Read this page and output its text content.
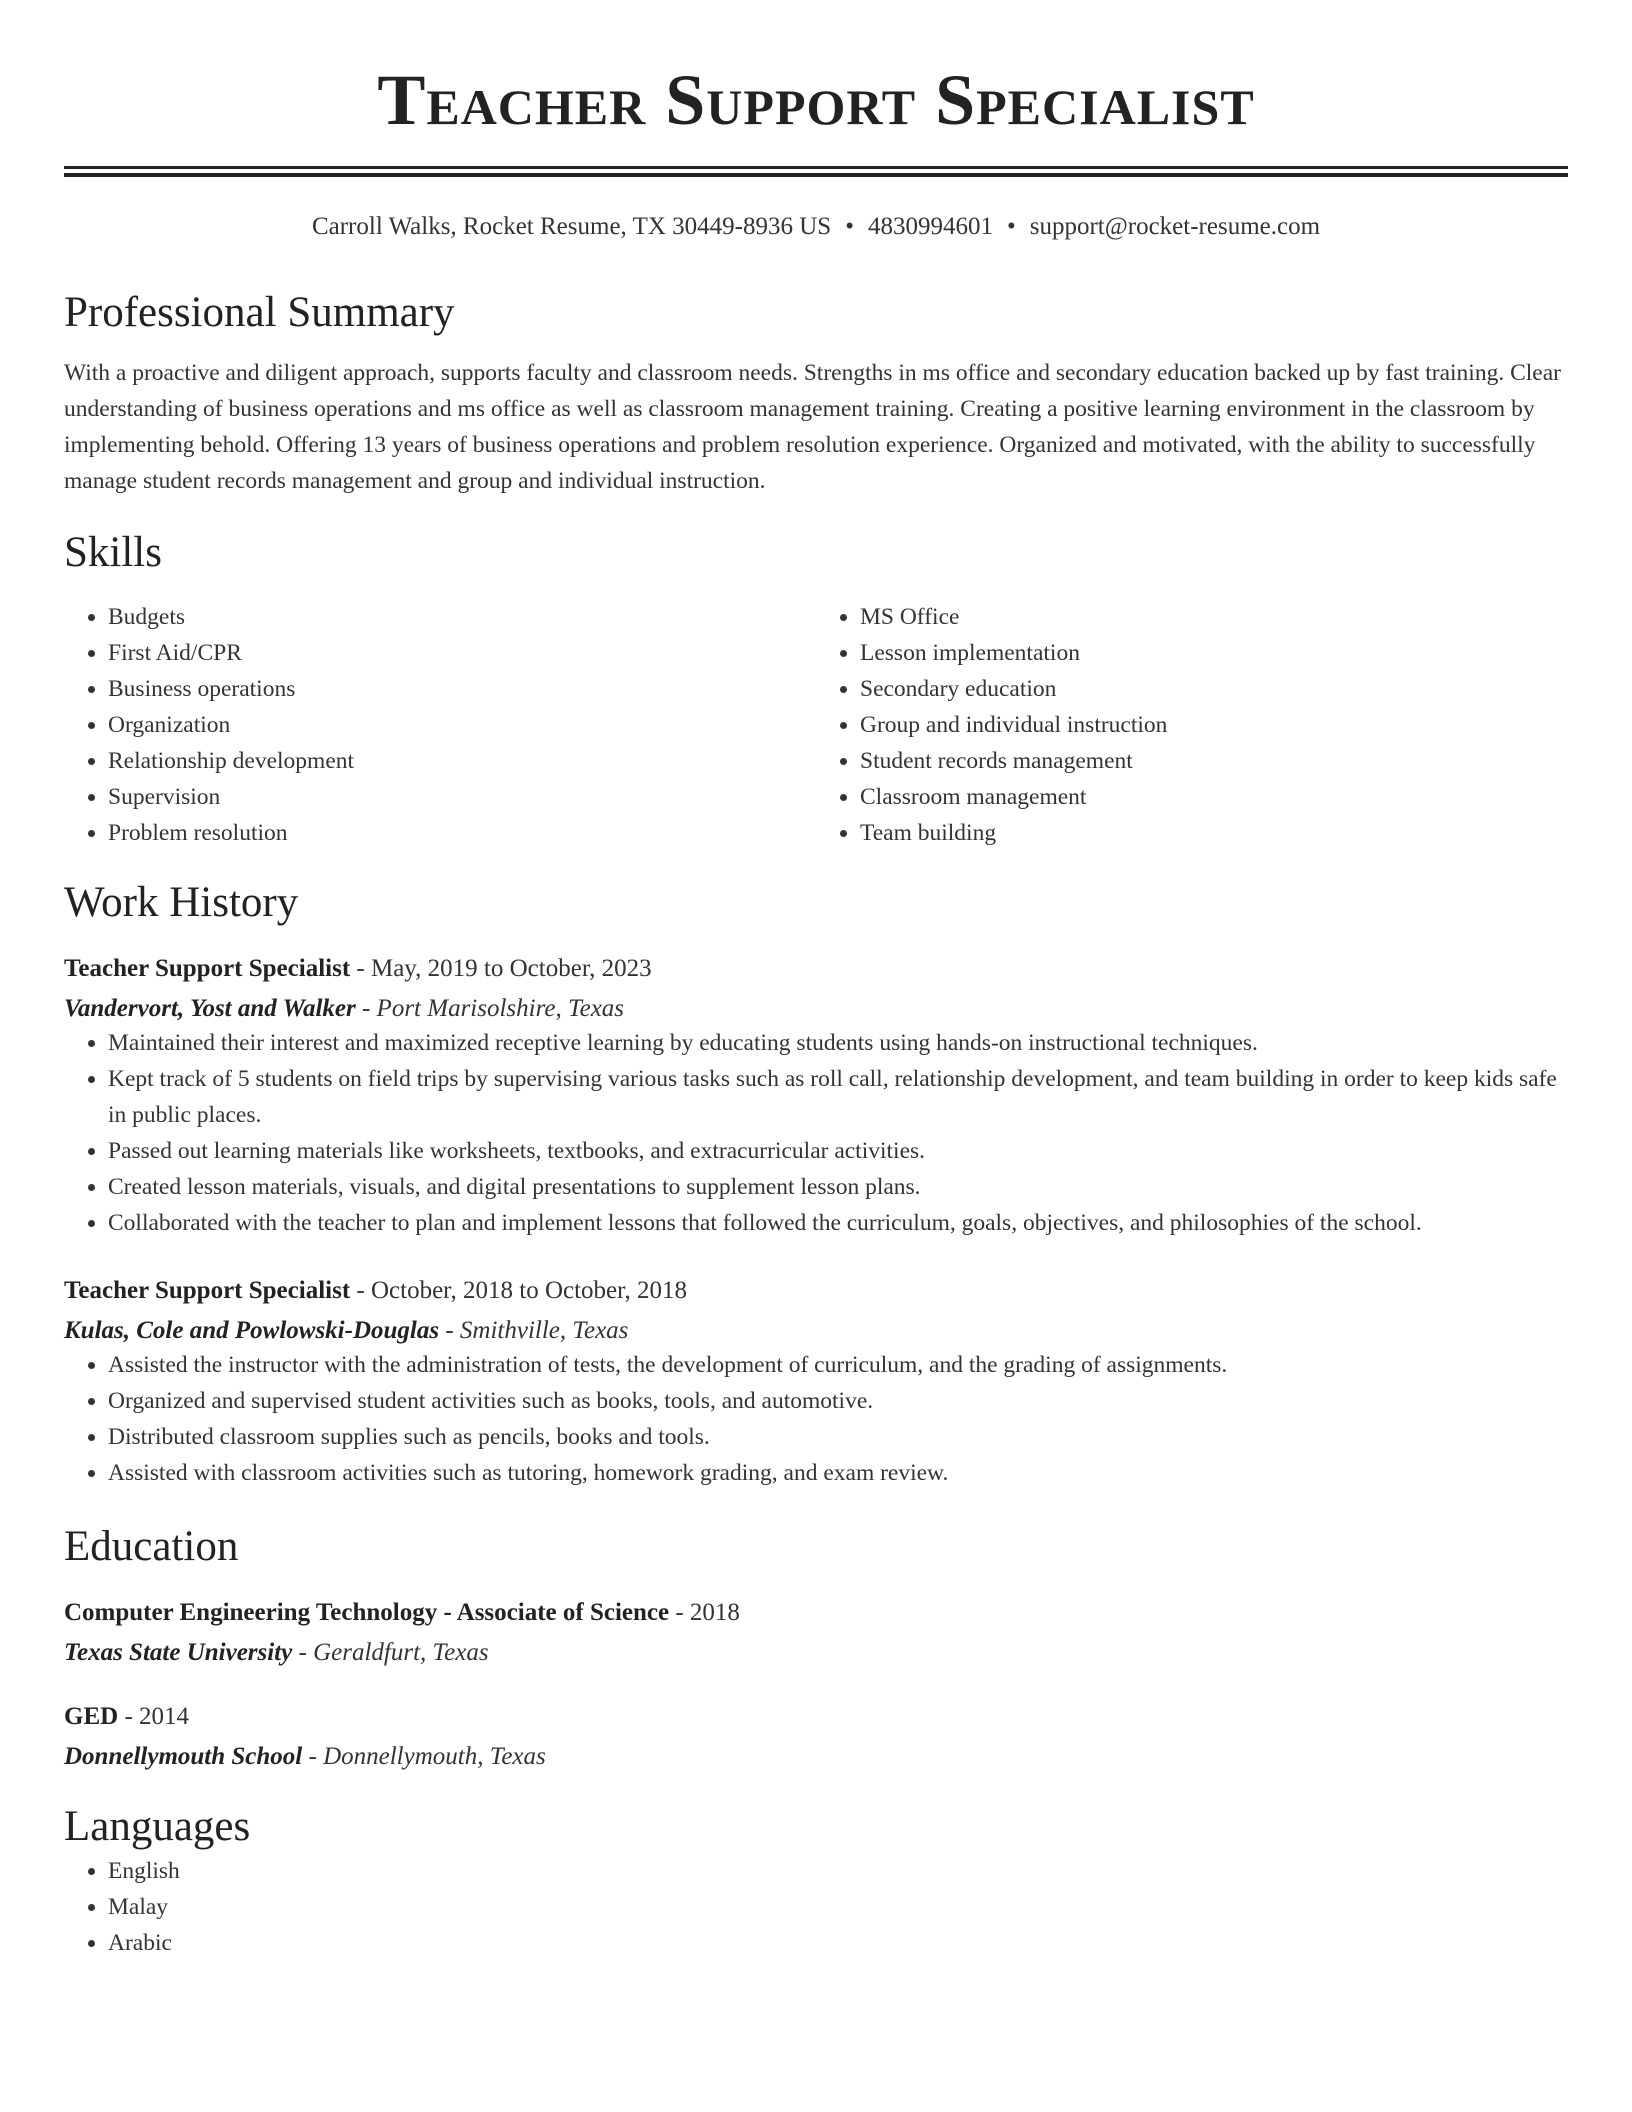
Teacher Support Specialist
Carroll Walks, Rocket Resume, TX 30449-8936 US • 4830994601 • support@rocket-resume.com
Professional Summary

With a proactive and diligent approach, supports faculty and classroom needs. Strengths in ms office and secondary education backed up by fast training. Clear understanding of business operations and ms office as well as classroom management training. Creating a positive learning environment in the classroom by implementing behold. Offering 13 years of business operations and problem resolution experience. Organized and motivated, with the ability to successfully manage student records management and group and individual instruction.

Skills
• Budgets
• First Aid/CPR
• Business operations
• Organization
• Relationship development
• Supervision
• Problem resolution
• MS Office
• Lesson implementation
• Secondary education
• Group and individual instruction
• Student records management
• Classroom management
• Team building
Work History

Teacher Support Specialist - May, 2019 to October, 2023

Vandervort, Yost and Walker - Port Marisolshire, Texas

• Maintained their interest and maximized receptive learning by educating students using hands-on instructional techniques.
• Kept track of 5 students on field trips by supervising various tasks such as roll call, relationship development, and team building in order to keep kids safe in public places.
• Passed out learning materials like worksheets, textbooks, and extracurricular activities.
• Created lesson materials, visuals, and digital presentations to supplement lesson plans.
• Collaborated with the teacher to plan and implement lessons that followed the curriculum, goals, objectives, and philosophies of the school.

Teacher Support Specialist - October, 2018 to October, 2018

Kulas, Cole and Powlowski-Douglas - Smithville, Texas

• Assisted the instructor with the administration of tests, the development of curriculum, and the grading of assignments.
• Organized and supervised student activities such as books, tools, and automotive.
• Distributed classroom supplies such as pencils, books and tools.
• Assisted with classroom activities such as tutoring, homework grading, and exam review.
Education

Computer Engineering Technology - Associate of Science - 2018

Texas State University - Geraldfurt, Texas

GED - 2014

Donnellymouth School - Donnellymouth, Texas

Languages
• English
• Malay
• Arabic
